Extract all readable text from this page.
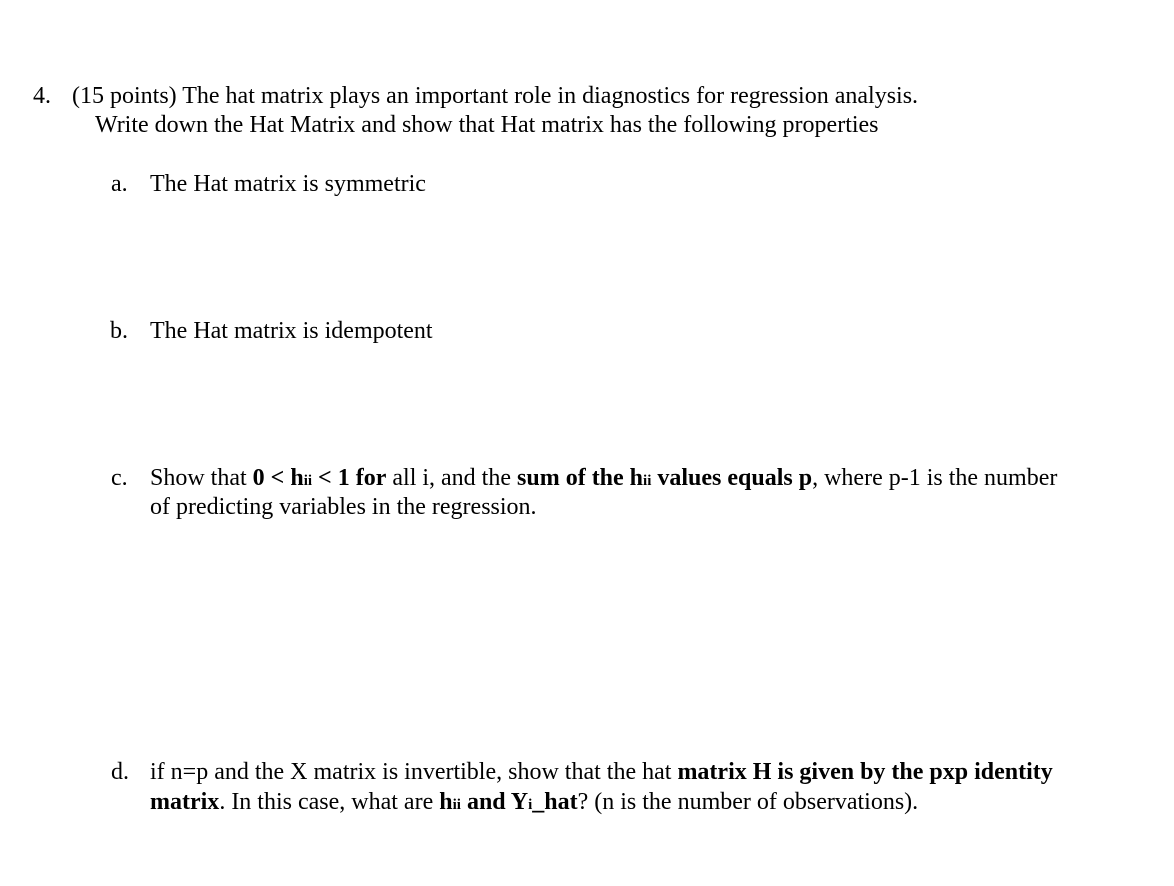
4. (15 points) The hat matrix plays an important role in diagnostics for regression analysis.
Write down the Hat Matrix and show that Hat matrix has the following properties
a. The Hat matrix is symmetric
b. The Hat matrix is idempotent
c. Show that 0 < hii < 1 for all i, and the sum of the hii values equals p, where p-1 is the number
of predicting variables in the regression.
d. if n=p and the X matrix is invertible, show that the hat matrix H is given by the pxp identity
matrix. In this case, what are hii and Yi_hat? (n is the number of observations).
